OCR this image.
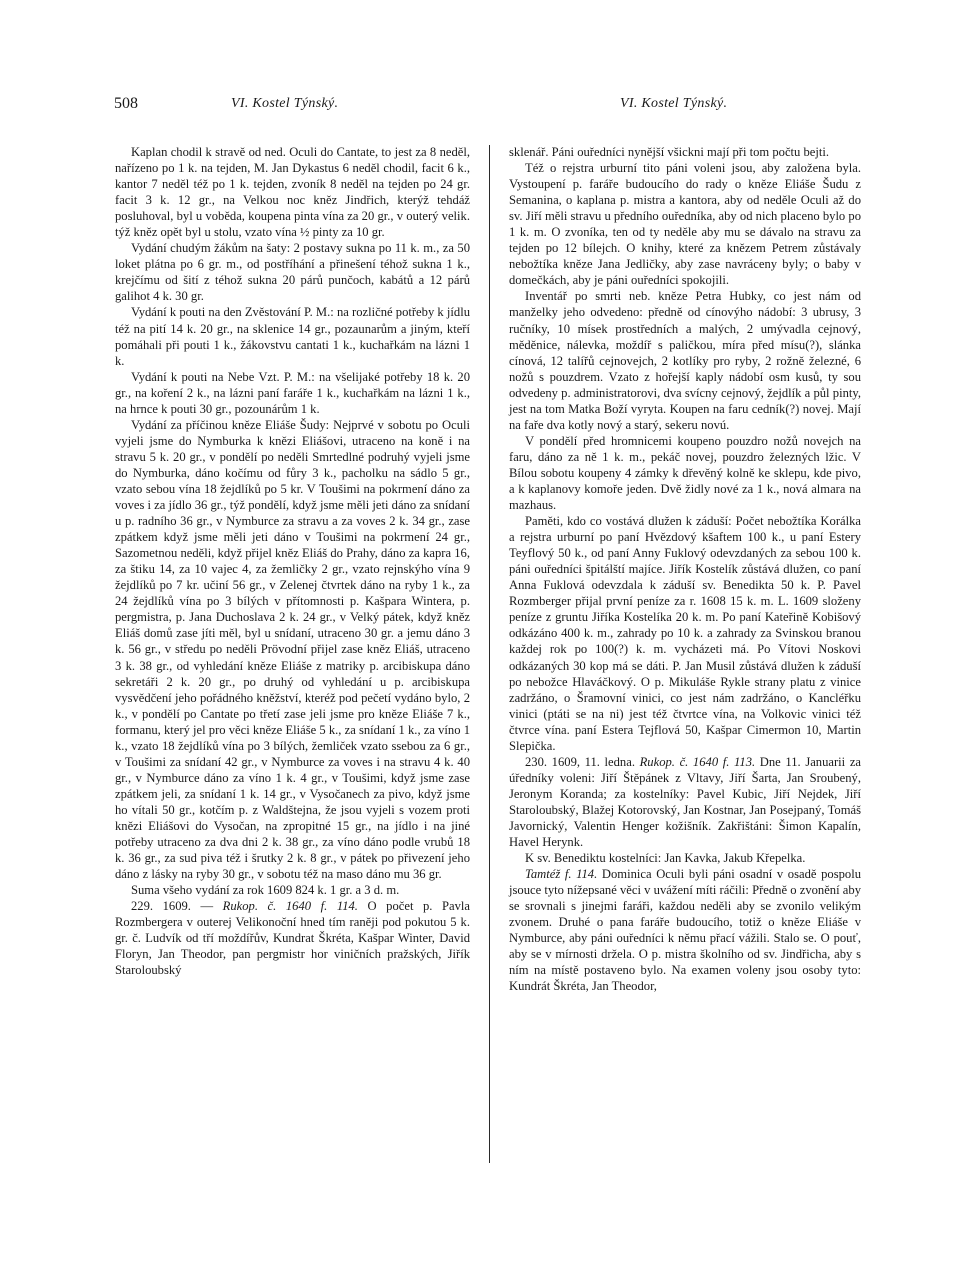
508	VI. Kostel Týnský.	VI. Kostel Týnský.

Kaplan chodil k stravě od ned. Oculi do Cantate, to jest za 8 neděl, nařízeno po 1 k. na tejden, M. Jan Dykastus 6 neděl chodil, facit 6 k., kantor 7 neděl též po 1 k. tejden, zvoník 8 neděl na tejden po 24 gr. facit 3 k. 12 gr., na Velkou noc kněz Jindřich, kterýž tehdáž posluhoval, byl u voběda, koupena pinta vína za 20 gr., v outerý velik. týž kněz opět byl u stolu, vzato vína ½ pinty za 10 gr.

Vydání chudým žákům na šaty: 2 postavy sukna po 11 k. m., za 50 loket plátna po 6 gr. m., od postříhání a přinešení téhož sukna 1 k., krejčímu od šití z téhož sukna 20 párů punčoch, kabátů a 12 párů galihot 4 k. 30 gr.

Vydání k pouti na den Zvěstování P. M.: na rozličné potřeby k jídlu též na pití 14 k. 20 gr., na sklenice 14 gr., pozaunarům a jiným, kteří pomáhali při pouti 1 k., žákovstvu cantati 1 k., kuchařkám na lázni 1 k.

Vydání k pouti na Nebe Vzt. P. M.: na všelijaké potřeby 18 k. 20 gr., na koření 2 k., na lázni paní faráře 1 k., kuchařkám na lázni 1 k., na hrnce k pouti 30 gr., pozounárům 1 k.

Vydání za příčinou kněze Eliáše Šudy: Nejprvé v sobotu po Oculi vyjeli jsme do Nymburka k knězi Eliášovi, utraceno na koně i na stravu 5 k. 20 gr., v pondělí po neděli Smrtedlné podruhý vyjeli jsme do Nymburka, dáno kočímu od fůry 3 k., pacholku na sádlo 5 gr., vzato sebou vína 18 žejdlíků po 5 kr. V Toušimi na pokrmení dáno za voves i za jídlo 36 gr., týž pondělí, když jsme měli jeti dáno za snídaní u p. radního 36 gr., v Nymburce za stravu a za voves 2 k. 34 gr., zase zpátkem když jsme měli jeti dáno v Toušimi na pokrmení 24 gr., Sazometnou neděli, když přijel kněz Eliáš do Prahy, dáno za kapra 16, za štiku 14, za 10 vajec 4, za žemličky 2 gr., vzato rejnskýho vína 9 žejdlíků po 7 kr. učiní 56 gr., v Zelenej čtvrtek dáno na ryby 1 k., za 24 žejdlíků vína po 3 bílých v přítomnosti p. Kašpara Wintera, p. pergmistra, p. Jana Duchoslava 2 k. 24 gr., v Velký pátek, když kněz Eliáš domů zase jíti měl, byl u snídaní, utraceno 30 gr. a jemu dáno 3 k. 56 gr., v středu po neděli Prövodní přijel zase kněz Eliáš, utraceno 3 k. 38 gr., od vyhledání kněze Eliáše z matriky p. arcibiskupa dáno sekretáři 2 k. 20 gr., po druhý od vyhledání u p. arcibiskupa vysvědčení jeho pořádného kněžství, kteréž pod pečetí vydáno bylo, 2 k., v pondělí po Cantate po třetí zase jeli jsme pro kněze Eliáše 7 k., formanu, který jel pro věci kněze Eliáše 5 k., za snídaní 1 k., za víno 1 k., vzato 18 žejdlíků vína po 3 bílých, žemliček vzato ssebou za 6 gr., v Toušimi za snídaní 42 gr., v Nymburce za voves i na stravu 4 k. 40 gr., v Nymburce dáno za víno 1 k. 4 gr., v Toušimi, když jsme zase zpátkem jeli, za snídaní 1 k. 14 gr., v Vysočanech za pivo, když jsme ho vítali 50 gr., kotčím p. z Waldštejna, že jsou vyjeli s vozem proti knězi Eliášovi do Vysočan, na zpropitné 15 gr., na jídlo i na jiné potřeby utraceno za dva dni 2 k. 38 gr., za víno dáno podle vrubů 18 k. 36 gr., za sud piva též i šrutky 2 k. 8 gr., v pátek po přivezení jeho dáno z lásky na ryby 30 gr., v sobotu též na maso dáno mu 36 gr.

Suma všeho vydání za rok 1609 824 k. 1 gr. a 3 d. m.

229. 1609. — Rukop. č. 1640 f. 114. O počet p. Pavla Rozmbergera v outerej Velikonoční hned tím raněji pod pokutou 5 k. gr. č. Ludvík od tří moždířův, Kundrat Škréta, Kašpar Winter, David Floryn, Jan Theodor, pan pergmistr hor viničních pražských, Jiřík Staroloubský

sklenář. Páni ouředníci nynější všickni mají při tom počtu bejti.

Též o rejstra urburní tito páni voleni jsou, aby založena byla. Vystoupení p. faráře budoucího do rady o kněze Eliáše Šudu z Semanina, o kaplana p. mistra a kantora, aby od neděle Oculi až do sv. Jiří měli stravu u předního ouředníka, aby od nich placeno bylo po 1 k. m. O zvoníka, ten od ty neděle aby mu se dávalo na stravu za tejden po 12 bílejch. O knihy, které za knězem Petrem zůstávaly nebožtíka kněze Jana Jedličky, aby zase navráceny byly; o baby v domečkách, aby je páni ouředníci spokojili.

Inventář po smrti neb. kněze Petra Hubky, co jest nám od manželky jeho odvedeno: předně od cínovýho nádobí: 3 ubrusy, 3 ručníky, 10 mísek prostředních a malých, 2 umývadla cejnový, měděnice, nálevka, moždíř s paličkou, míra před mísu(?), slánka cínová, 12 talířů cejnovejch, 2 kotlíky pro ryby, 2 rožně železné, 6 nožů s pouzdrem. Vzato z hořejší kaply nádobí osm kusů, ty sou odvedeny p. administratorovi, dva svícny cejnový, žejdlík a půl pinty, jest na tom Matka Boží vyryta. Koupen na faru cedník(?) novej. Mají na faře dva kotly nový a starý, sekeru novú.

V pondělí před hromnicemi koupeno pouzdro nožů novejch na faru, dáno za ně 1 k. m., pekáč novej, pouzdro železných lžic. V Bílou sobotu koupeny 4 zámky k dřevěný kolně ke sklepu, kde pivo, a k kaplanovy komoře jeden. Dvě židly nové za 1 k., nová almara na mazhaus.

Paměti, kdo co vostává dlužen k záduší: Počet nebožtíka Korálka a rejstra urburní po paní Hvězdový kšaftem 100 k., u paní Estery Teyflový 50 k., od paní Anny Fuklový odevzdaných za sebou 100 k. páni ouředníci špitálští majíce. Jiřík Kostelík zůstává dlužen, co paní Anna Fuklová odevzdala k záduší sv. Benedikta 50 k. P. Pavel Rozmberger přijal první peníze za r. 1608 15 k. m. L. 1609 složeny peníze z gruntu Jiříka Kostelíka 20 k. m. Po paní Kateřině Kobišový odkázáno 400 k. m., zahrady po 10 k. a zahrady za Svinskou branou každej rok po 100(?) k. m. vycházeti má. Po Vítovi Noskovi odkázaných 30 kop má se dáti. P. Jan Musil zůstává dlužen k záduší po nebožce Hlaváčkový. O p. Mikuláše Rykle strany platu z vinice zadržáno, o Šramovní vinici, co jest nám zadržáno, o Kancléřku vinici (ptáti se na ni) jest též čtvrtce vína, na Volkovic vinici též čtvrce vína. paní Estera Tejflová 50, Kašpar Cimermon 10, Martin Slepička.

230. 1609, 11. ledna. Rukop. č. 1640 f. 113. Dne 11. Januarii za úředníky voleni: Jiří Štěpánek z Vltavy, Jiří Šarta, Jan Sroubený, Jeronym Koranda; za kostelníky: Pavel Kubic, Jiří Nejdek, Jiří Staroloubský, Blažej Kotorovský, Jan Kostnar, Jan Posejpaný, Tomáš Javornický, Valentin Henger kožišník. Zakřištáni: Šimon Kapalín, Havel Herynk.

K sv. Benediktu kostelníci: Jan Kavka, Jakub Křepelka.

Tamtéž f. 114. Dominica Oculi byli páni osadní v osadě pospolu jsouce tyto nížepsané věci v uvážení míti ráčili: Předně o zvonění aby se srovnali s jinejmi faráři, každou neděli aby se zvonilo velikým zvonem. Druhé o pana faráře budoucího, totiž o kněze Eliáše v Nymburce, aby páni ouředníci k němu přací vážili. Stalo se. O pouť, aby se v mírnosti držela. O p. mistra školního od sv. Jindřicha, aby s ním na místě postaveno bylo. Na examen voleny jsou osoby tyto: Kundrát Škréta, Jan Theodor,
